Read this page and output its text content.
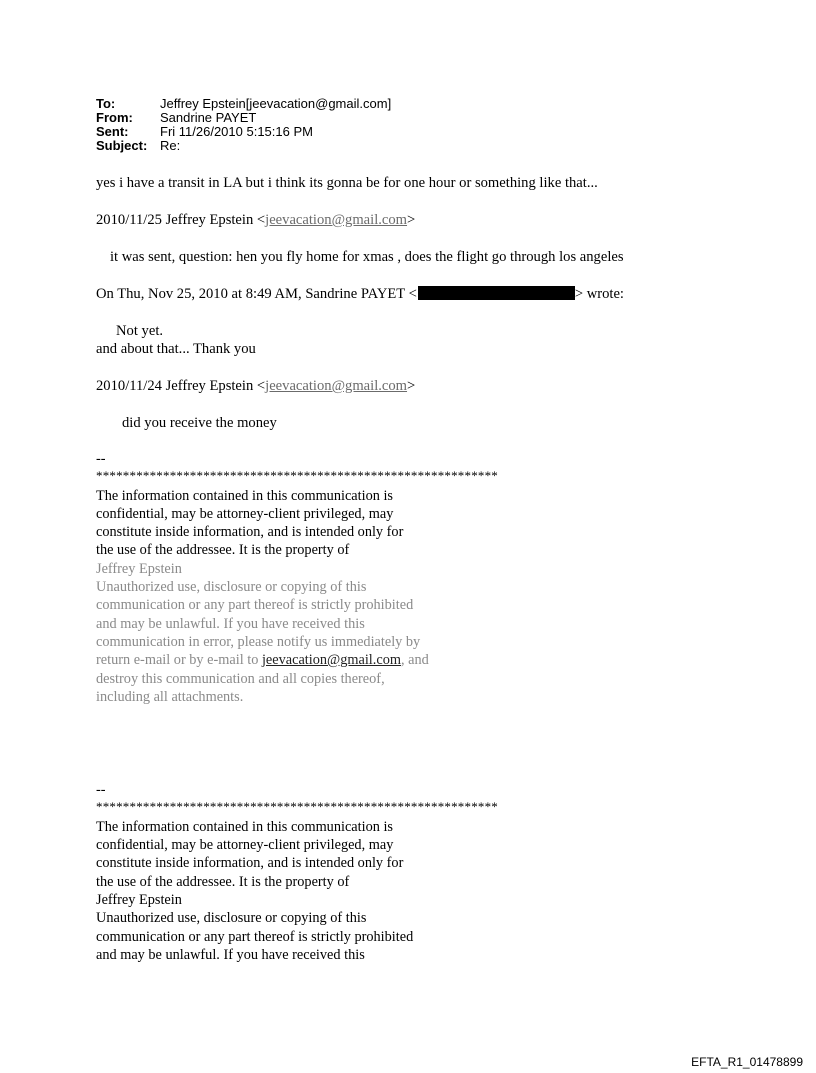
To:	Jeffrey Epstein[jeevacation@gmail.com]
From: Sandrine PAYET
Sent: Fri 11/26/2010 5:15:16 PM
Subject: Re:
yes i have a transit in LA but i think its gonna be for one hour or something like that...
2010/11/25 Jeffrey Epstein <jeevacation@gmail.com>
it was sent, question: hen you fly home for xmas , does the flight go through los angeles
On Thu, Nov 25, 2010 at 8:49 AM, Sandrine PAYET <	> wrote:
Not yet.
and about that... Thank you
2010/11/24 Jeffrey Epstein <jeevacation@gmail.com>
did you receive the money
--
************************************************************
The information contained in this communication is
confidential, may be attorney-client privileged, may
constitute inside information, and is intended only for
the use of the addressee. It is the property of
Jeffrey Epstein
Unauthorized use, disclosure or copying of this
communication or any part thereof is strictly prohibited
and may be unlawful. If you have received this
communication in error, please notify us immediately by
return e-mail or by e-mail to jeevacation@gmail.com, and
destroy this communication and all copies thereof,
including all attachments.
--
************************************************************
The information contained in this communication is
confidential, may be attorney-client privileged, may
constitute inside information, and is intended only for
the use of the addressee. It is the property of
Jeffrey Epstein
Unauthorized use, disclosure or copying of this
communication or any part thereof is strictly prohibited
and may be unlawful. If you have received this
EFTA_R1_01478899
